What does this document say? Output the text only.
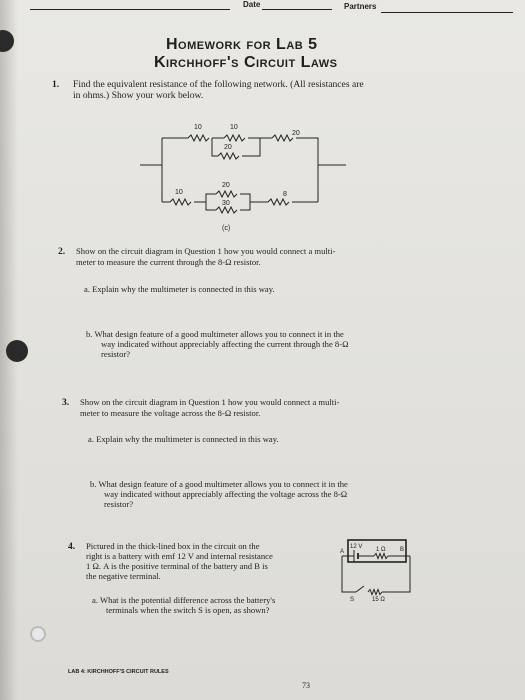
Date	Partners
Homework for Lab 5
Kirchhoff's Circuit Laws
1. Find the equivalent resistance of the following network. (All resistances are
in ohms.) Show your work below.
10	10
20
20
10
20
30
8
(c)
2. Show on the circuit diagram in Question 1 how you would connect a multi-
meter to measure the current through the 8-Ω resistor.
a. Explain why the multimeter is connected in this way.
b. What design feature of a good multimeter allows you to connect it in the
way indicated without appreciably affecting the current through the 8-Ω
resistor?
3. Show on the circuit diagram in Question 1 how you would connect a multi-
meter to measure the voltage across the 8-Ω resistor.
a. Explain why the multimeter is connected in this way.
b. What design feature of a good multimeter allows you to connect it in the
way indicated without appreciably affecting the voltage across the 8-Ω
resistor?
4. Pictured in the thick-lined box in the circuit on the
right is a battery with emf 12 V and internal resistance
1 Ω. A is the positive terminal of the battery and B is
the negative terminal.
a. What is the potential difference across the battery's
terminals when the switch S is open, as shown?
12 V 1 Ω
A	B
S	15 Ω
LAB 4: KIRCHHOFF'S CIRCUIT RULES
73
